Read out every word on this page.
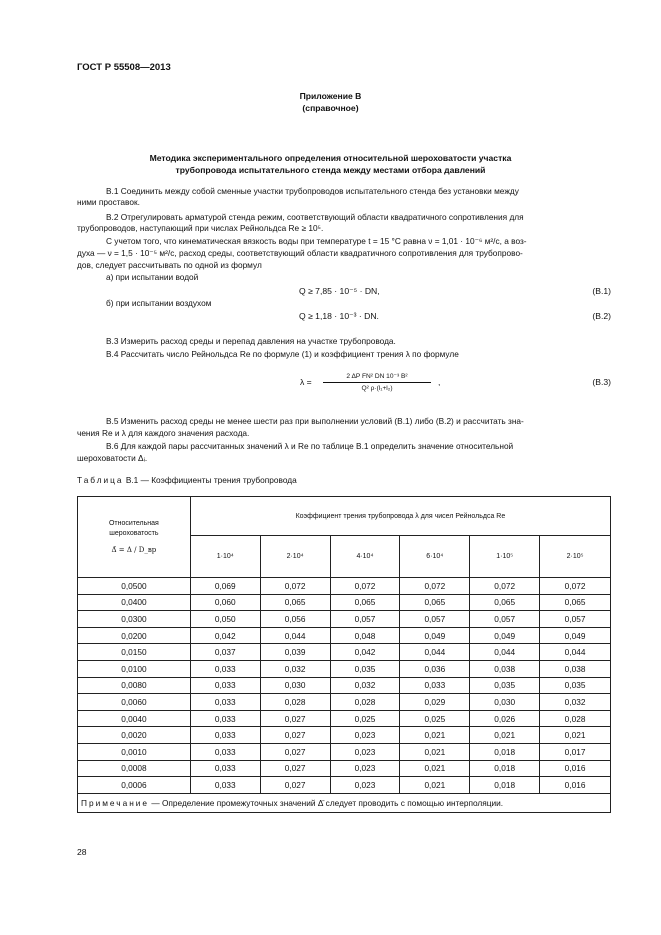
ГОСТ Р 55508—2013
Приложение В
(справочное)
Методика экспериментального определения относительной шероховатости участка
трубопровода испытательного стенда между местами отбора давлений
В.1 Соединить между собой сменные участки трубопроводов испытательного стенда без установки между
ними проставок.
В.2 Отрегулировать арматурой стенда режим, соответствующий области квадратичного сопротивления для
трубопроводов, наступающий при числах Рейнольдса Re ≥ 10⁵.
С учетом того, что кинематическая вязкость воды при температуре t = 15 °С равна ν = 1,01 · 10⁻⁶ м²/с, а воз-
духа — ν = 1,5 · 10⁻⁵ м²/с, расход среды, соответствующий области квадратичного сопротивления для трубопрово-
дов, следует рассчитывать по одной из формул
а) при испытании водой
Q ≥ 7,85 · 10⁻⁵ · DN,	(В.1)
б) при испытании воздухом
Q ≥ 1,18 · 10⁻³ · DN.	(В.2)
В.3 Измерить расход среды и перепад давления на участке трубопровода.
В.4 Рассчитать число Рейнольдса Re по формуле (1) и коэффициент трения λ по формуле
λ =
2 ΔP FN² DN 10⁻³ B²
Q² ρ·(l₁+l₂)
,	(В.3)
В.5 Изменить расход среды не менее шести раз при выполнении условий (В.1) либо (В.2) и рассчитать зна-
чения Re и λ для каждого значения расхода.
В.6 Для каждой пары рассчитанных значений λ и Re по таблице В.1 определить значение относительной
шероховатости Δᵢ.
Таблица В.1 — Коэффициенты трения трубопровода
Относительная
шероховатость
Δ̄ = Δ / D_вр	Коэффициент трения трубопровода λ для чисел Рейнольдса Re					
	1·10⁴	2·10⁴	4·10⁴	6·10⁴	1·10⁵	2·10⁵
0,0500	0,069	0,072	0,072	0,072	0,072	0,072
0,0400	0,060	0,065	0,065	0,065	0,065	0,065
0,0300	0,050	0,056	0,057	0,057	0,057	0,057
0,0200	0,042	0,044	0,048	0,049	0,049	0,049
0,0150	0,037	0,039	0,042	0,044	0,044	0,044
0,0100	0,033	0,032	0,035	0,036	0,038	0,038
0,0080	0,033	0,030	0,032	0,033	0,035	0,035
0,0060	0,033	0,028	0,028	0,029	0,030	0,032
0,0040	0,033	0,027	0,025	0,025	0,026	0,028
0,0020	0,033	0,027	0,023	0,021	0,021	0,021
0,0010	0,033	0,027	0,023	0,021	0,018	0,017
0,0008	0,033	0,027	0,023	0,021	0,018	0,016
0,0006	0,033	0,027	0,023	0,021	0,018	0,016
Примечание — Определение промежуточных значений Δ̄ следует проводить с помощью интерполяции.						
28
